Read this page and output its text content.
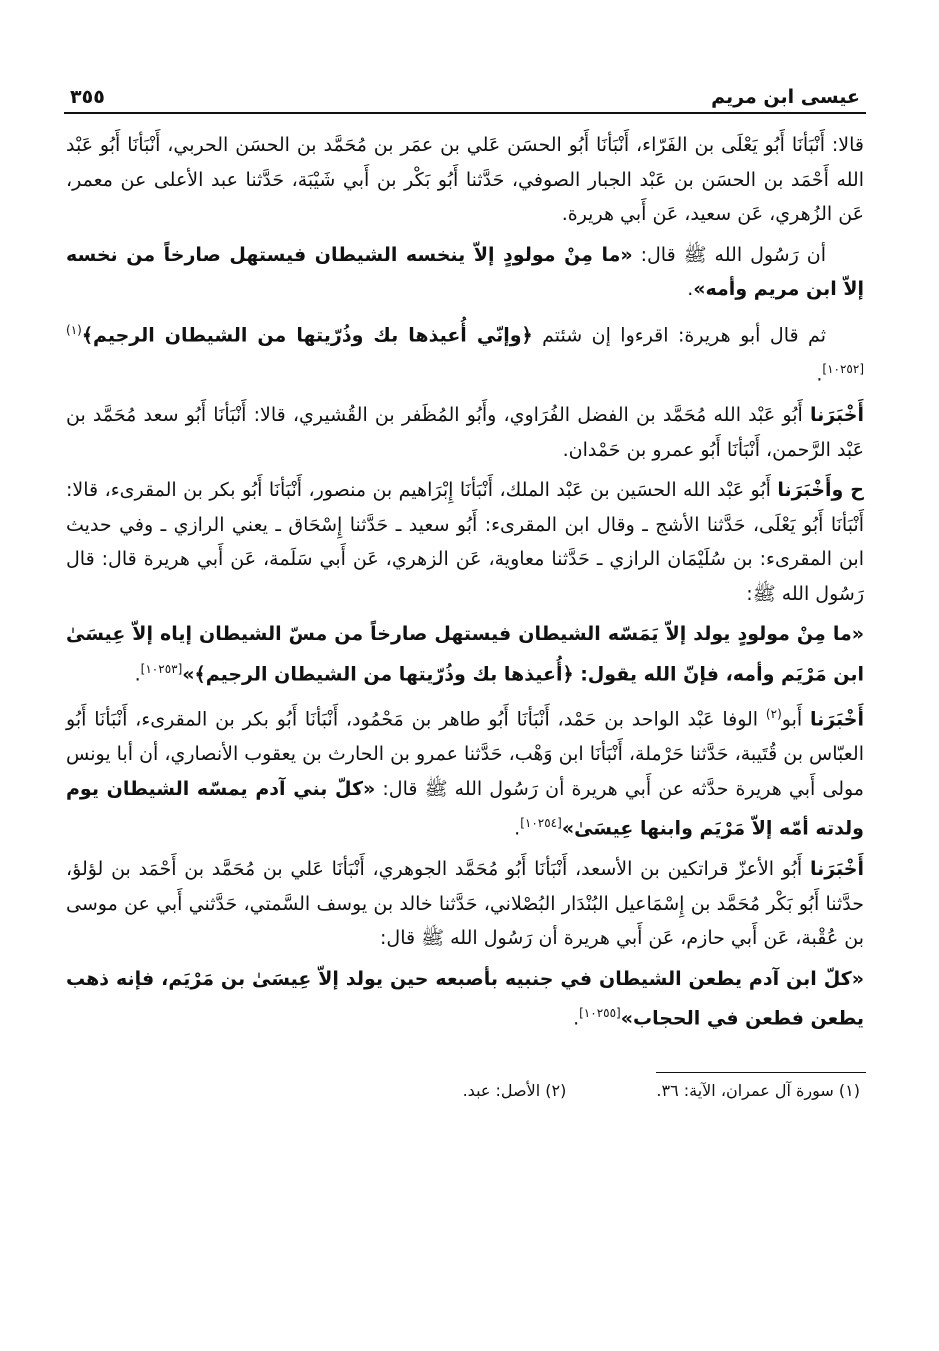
عيسى ابن مريم
٣٥٥

قالا: أَنْبَأنَا أَبُو يَعْلَى بن الفَرّاء، أَنْبَأنَا أَبُو الحسَن عَلي بن عمَر بن مُحَمَّد بن الحسَن الحربي، أَنْبَأنَا أَبُو عَبْد الله أَحْمَد بن الحسَن بن عَبْد الجبار الصوفي، حَدَّثنا أَبُو بَكْر بن أَبي شَيْبَة، حَدَّثنا عبد الأعلى عن معمر، عَن الزُهري، عَن سعيد، عَن أَبي هريرة.

أن رَسُول الله ﷺ قال: «ما مِنْ مولودٍ إلاّ ينخسه الشيطان فيستهل صارخاً من نخسه إلاّ ابن مريم وأمه».

ثم قال أبو هريرة: اقرءوا إن شئتم ﴿وإنّي أُعيذها بك وذُرّيتها من الشيطان الرجيم﴾$^{(١)[١٠٢٥٢]}$.

أَخْبَرَنا أَبُو عَبْد الله مُحَمَّد بن الفضل الفُرَاوي، وأَبُو المُظَفر بن القُشيري، قالا: أَنْبَأنَا أَبُو سعد مُحَمَّد بن عَبْد الرَّحمن، أَنْبَأنَا أَبُو عمرو بن حَمْدان.

ح وأَخْبَرَنا أَبُو عَبْد الله الحسَين بن عَبْد الملك، أَنْبَأنَا إِبْرَاهيم بن منصور، أَنْبَأنَا أَبُو بكر بن المقرىء، قالا: أَنْبَأنَا أَبُو يَعْلَى، حَدَّثنا الأشج ـ وقال ابن المقرىء: أَبُو سعيد ـ حَدَّثنا إِسْحَاق ـ يعني الرازي ـ وفي حديث ابن المقرىء: بن سُلَيْمَان الرازي ـ حَدَّثنا معاوية، عَن الزهري، عَن أَبي سَلَمة، عَن أَبي هريرة قال: قال رَسُول الله ﷺ:

«ما مِنْ مولودٍ يولد إلاّ يَمَسّه الشيطان فيستهل صارخاً من مسّ الشيطان إياه إلاّ عِيسَىٰ ابن مَرْيَم وأمه، فإنّ الله يقول: ﴿أُعيذها بك وذُرّيتها من الشيطان الرجيم﴾»[١٠٢٥٣].

أَخْبَرَنا أَبو$^{(٢)}$ الوفا عَبْد الواحد بن حَمْد، أَنْبَأنَا أَبُو طاهر بن مَحْمُود، أَنْبَأنَا أَبُو بكر بن المقرىء، أَنْبَأنَا أَبُو العبّاس بن قُتَيبة، حَدَّثنا حَرْملة، أَنْبَأنَا ابن وَهْب، حَدَّثنا عمرو بن الحارث بن يعقوب الأنصاري، أن أبا يونس مولى أَبي هريرة حدَّثه عن أَبي هريرة أن رَسُول الله ﷺ قال: «كلّ بني آدم يمسّه الشيطان يوم ولدته أمّه إلاّ مَرْيَم وابنها عِيسَىٰ»[١٠٢٥٤].

أَخْبَرَنا أَبُو الأعزّ قراتكين بن الأسعد، أَنْبَأنَا أَبُو مُحَمَّد الجوهري، أَنْبَأنَا عَلي بن مُحَمَّد بن أَحْمَد بن لؤلؤ، حدَّثنا أَبُو بَكْر مُحَمَّد بن إِسْمَاعيل البُنْدَار البُصْلاني، حَدَّثنا خالد بن يوسف السَّمتي، حَدَّثني أَبي عن موسى بن عُقْبة، عَن أَبي حازم، عَن أَبي هريرة أن رَسُول الله ﷺ قال:

«كلّ ابن آدم يطعن الشيطان في جنبيه بأصبعه حين يولد إلاّ عِيسَىٰ بن مَرْيَم، فإنه ذهب يطعن فطعن في الحجاب»[١٠٢٥٥].

(١) سورة آل عمران، الآية: ٣٦.
(٢) الأصل: عبد.
